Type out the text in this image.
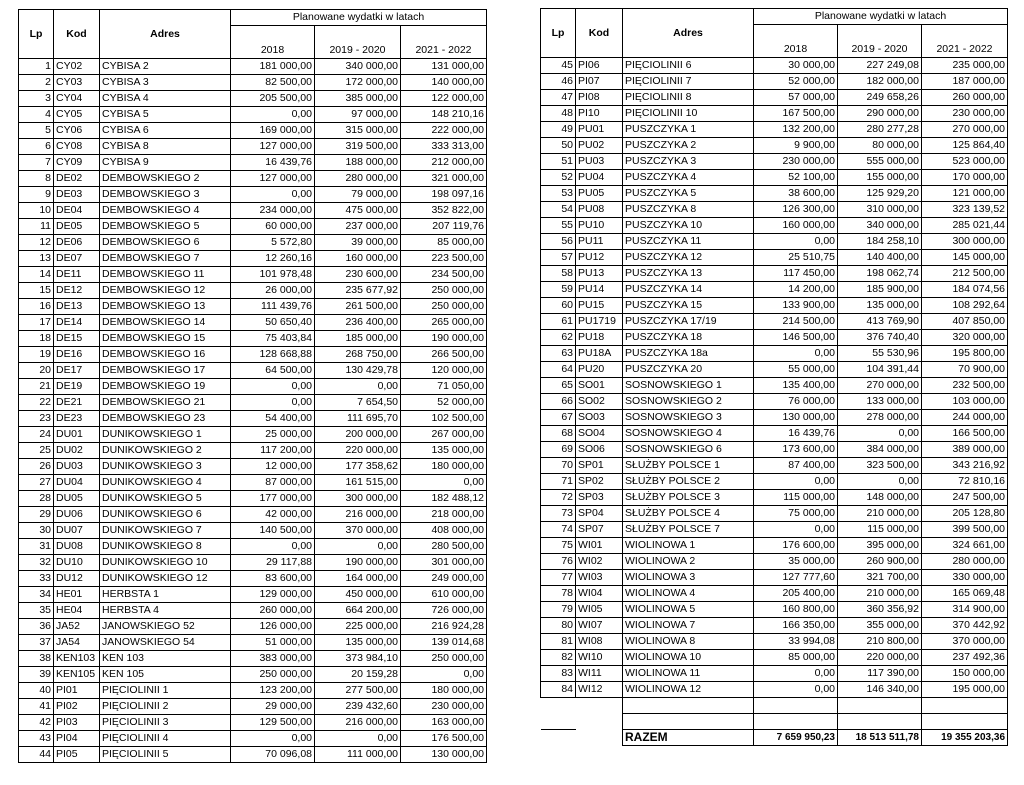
Lp	Kod	Adres	Planowane wydatki w latach		
			2018	2019 - 2020	2021 - 2022
1	CY02	CYBISA 2	181 000,00	340 000,00	131 000,00
2	CY03	CYBISA 3	82 500,00	172 000,00	140 000,00
3	CY04	CYBISA 4	205 500,00	385 000,00	122 000,00
4	CY05	CYBISA 5	0,00	97 000,00	148 210,16
5	CY06	CYBISA 6	169 000,00	315 000,00	222 000,00
6	CY08	CYBISA 8	127 000,00	319 500,00	333 313,00
7	CY09	CYBISA 9	16 439,76	188 000,00	212 000,00
8	DE02	DEMBOWSKIEGO 2	127 000,00	280 000,00	321 000,00
9	DE03	DEMBOWSKIEGO 3	0,00	79 000,00	198 097,16
10	DE04	DEMBOWSKIEGO 4	234 000,00	475 000,00	352 822,00
11	DE05	DEMBOWSKIEGO 5	60 000,00	237 000,00	207 119,76
12	DE06	DEMBOWSKIEGO 6	5 572,80	39 000,00	85 000,00
13	DE07	DEMBOWSKIEGO 7	12 260,16	160 000,00	223 500,00
14	DE11	DEMBOWSKIEGO 11	101 978,48	230 600,00	234 500,00
15	DE12	DEMBOWSKIEGO 12	26 000,00	235 677,92	250 000,00
16	DE13	DEMBOWSKIEGO 13	111 439,76	261 500,00	250 000,00
17	DE14	DEMBOWSKIEGO 14	50 650,40	236 400,00	265 000,00
18	DE15	DEMBOWSKIEGO 15	75 403,84	185 000,00	190 000,00
19	DE16	DEMBOWSKIEGO 16	128 668,88	268 750,00	266 500,00
20	DE17	DEMBOWSKIEGO 17	64 500,00	130 429,78	120 000,00
21	DE19	DEMBOWSKIEGO 19	0,00	0,00	71 050,00
22	DE21	DEMBOWSKIEGO 21	0,00	7 654,50	52 000,00
23	DE23	DEMBOWSKIEGO 23	54 400,00	111 695,70	102 500,00
24	DU01	DUNIKOWSKIEGO 1	25 000,00	200 000,00	267 000,00
25	DU02	DUNIKOWSKIEGO 2	117 200,00	220 000,00	135 000,00
26	DU03	DUNIKOWSKIEGO 3	12 000,00	177 358,62	180 000,00
27	DU04	DUNIKOWSKIEGO 4	87 000,00	161 515,00	0,00
28	DU05	DUNIKOWSKIEGO 5	177 000,00	300 000,00	182 488,12
29	DU06	DUNIKOWSKIEGO 6	42 000,00	216 000,00	218 000,00
30	DU07	DUNIKOWSKIEGO 7	140 500,00	370 000,00	408 000,00
31	DU08	DUNIKOWSKIEGO 8	0,00	0,00	280 500,00
32	DU10	DUNIKOWSKIEGO 10	29 117,88	190 000,00	301 000,00
33	DU12	DUNIKOWSKIEGO 12	83 600,00	164 000,00	249 000,00
34	HE01	HERBSTA 1	129 000,00	450 000,00	610 000,00
35	HE04	HERBSTA 4	260 000,00	664 200,00	726 000,00
36	JA52	JANOWSKIEGO 52	126 000,00	225 000,00	216 924,28
37	JA54	JANOWSKIEGO 54	51 000,00	135 000,00	139 014,68
38	KEN103	KEN 103	383 000,00	373 984,10	250 000,00
39	KEN105	KEN 105	250 000,00	20 159,28	0,00
40	PI01	PIĘCIOLINII 1	123 200,00	277 500,00	180 000,00
41	PI02	PIĘCIOLINII 2	29 000,00	239 432,60	230 000,00
42	PI03	PIĘCIOLINII 3	129 500,00	216 000,00	163 000,00
43	PI04	PIĘCIOLINII 4	0,00	0,00	176 500,00
44	PI05	PIĘCIOLINII 5	70 096,08	111 000,00	130 000,00
Lp	Kod	Adres	Planowane wydatki w latach		
			2018	2019 - 2020	2021 - 2022
45	PI06	PIĘCIOLINII 6	30 000,00	227 249,08	235 000,00
46	PI07	PIĘCIOLINII 7	52 000,00	182 000,00	187 000,00
47	PI08	PIĘCIOLINII 8	57 000,00	249 658,26	260 000,00
48	PI10	PIĘCIOLINII 10	167 500,00	290 000,00	230 000,00
49	PU01	PUSZCZYKA 1	132 200,00	280 277,28	270 000,00
50	PU02	PUSZCZYKA 2	9 900,00	80 000,00	125 864,40
51	PU03	PUSZCZYKA 3	230 000,00	555 000,00	523 000,00
52	PU04	PUSZCZYKA 4	52 100,00	155 000,00	170 000,00
53	PU05	PUSZCZYKA 5	38 600,00	125 929,20	121 000,00
54	PU08	PUSZCZYKA 8	126 300,00	310 000,00	323 139,52
55	PU10	PUSZCZYKA 10	160 000,00	340 000,00	285 021,44
56	PU11	PUSZCZYKA 11	0,00	184 258,10	300 000,00
57	PU12	PUSZCZYKA 12	25 510,75	140 400,00	145 000,00
58	PU13	PUSZCZYKA 13	117 450,00	198 062,74	212 500,00
59	PU14	PUSZCZYKA 14	14 200,00	185 900,00	184 074,56
60	PU15	PUSZCZYKA 15	133 900,00	135 000,00	108 292,64
61	PU1719	PUSZCZYKA 17/19	214 500,00	413 769,90	407 850,00
62	PU18	PUSZCZYKA 18	146 500,00	376 740,40	320 000,00
63	PU18A	PUSZCZYKA 18a	0,00	55 530,96	195 800,00
64	PU20	PUSZCZYKA 20	55 000,00	104 391,44	70 900,00
65	SO01	SOSNOWSKIEGO 1	135 400,00	270 000,00	232 500,00
66	SO02	SOSNOWSKIEGO 2	76 000,00	133 000,00	103 000,00
67	SO03	SOSNOWSKIEGO 3	130 000,00	278 000,00	244 000,00
68	SO04	SOSNOWSKIEGO 4	16 439,76	0,00	166 500,00
69	SO06	SOSNOWSKIEGO 6	173 600,00	384 000,00	389 000,00
70	SP01	SŁUŻBY POLSCE 1	87 400,00	323 500,00	343 216,92
71	SP02	SŁUŻBY POLSCE 2	0,00	0,00	72 810,16
72	SP03	SŁUŻBY POLSCE 3	115 000,00	148 000,00	247 500,00
73	SP04	SŁUŻBY POLSCE 4	75 000,00	210 000,00	205 128,80
74	SP07	SŁUŻBY POLSCE 7	0,00	115 000,00	399 500,00
75	WI01	WIOLINOWA 1	176 600,00	395 000,00	324 661,00
76	WI02	WIOLINOWA 2	35 000,00	260 900,00	280 000,00
77	WI03	WIOLINOWA 3	127 777,60	321 700,00	330 000,00
78	WI04	WIOLINOWA 4	205 400,00	210 000,00	165 069,48
79	WI05	WIOLINOWA 5	160 800,00	360 356,92	314 900,00
80	WI07	WIOLINOWA 7	166 350,00	355 000,00	370 442,92
81	WI08	WIOLINOWA 8	33 994,08	210 800,00	370 000,00
82	WI10	WIOLINOWA 10	85 000,00	220 000,00	237 492,36
83	WI11	WIOLINOWA 11	0,00	117 390,00	150 000,00
84	WI12	WIOLINOWA 12	0,00	146 340,00	195 000,00

		RAZEM	7 659 950,23	18 513 511,78	19 355 203,36
